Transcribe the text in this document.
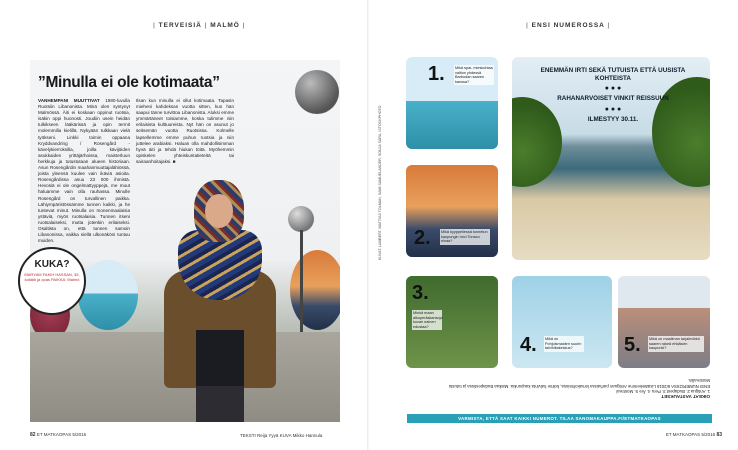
| TERVEISIÄ | MALMÖ |
”Minulla ei ole kotimaata”
VANHEMPANI MUUTTIVAT 1980-luvulla Ruotsiin Libanonista. Minä olen syntynyt Malmössä. Äiti ei koskaan oppinut ruotsia, isäkin oppi huonosti. Joudiin usein heidän tulkikseen lääkärissä ja opin termit molemmilla kielillä. Nykyään tulkkaan vielä työkseni. Linkki toimin oppaana Kryddvandring / Rosengård -kävelykierroksilla, joilla kävijöiden asukkaiden yrittäjärhoissa, maisterluun herkkuja ja tutustutaan alueen historiaan. Asun Rosengårdin maahanmuuttajalähiössä, joista yleensä kuulee vain ikäviä asioita. Rosengårdissa asuu 23 000 ihmistä. Hevosiä ei ole ongelmattyyppejä, me muut haluamme vain olla rauhassa. Minulle Rosengård on turvallinen paikka. Lähiympäristössämme tunnen kaikki, ja he tuntevat minut. Minulla on monenmaalaisia ystäviä, myös ruotsalaisia. Tunnen itseni ruotsalaiseksi, mutta jotenkin erilaiseksi. Osaltista on, että tunnen samoin Libanonissa, vaikka siellä ulkonäköni tuntuu muiden.
Ilsan kun minulla ei ollut kotimaata. Tapasin mieheni kahdeksan vuotta sitten, kun hän saapui tänne turvittoa Libanonista. Aluksi emme ymmärtäneet toisiamme, koska tulimme niin erilaisista kulttuureista. Nyt hän on asunut jo seitsemän vuotta Ruotsissa. Kolmelle lapsellemme emme puhun ruotsia ja niin juttelee arabiaksi. Haluan olla mahdollisimman hyvä äiti ja tehdä hiukan töitä. Myöhemmin opiskelen yhteiskuntatieteitä tai sairaanhoitajaksi. ■
KUKA?
MARYAM FAKIH HASSAN, 35, kotiäiti ja opas PAIKKA: Malmö
82 ET MATKAOPAS 5/2016	TEKSTI Reija Yyyä KUVA Mikko Hannula
| ENSI NUMEROSSA |
1.	Mikä spai- mieskohtaa valtion yhdessä Barbudan saaren kanssa?
2.	Mikä kyyppeliessä tunnetun kaupungin hovi Tonaco elnaa?
3.
Minkä maan alkuperäskansoja kuvan nainen edustaa?
4. Mikä on Pohjoismaiden suurin talvihiitakeskus?	5. Mikä on maailman tarjalevikkö saaren rakeä ehkäisen kaupunki?
ENEMMÄN IRTI SEKÄ TUTUISTA ETTÄ UUSISTA KOHTEISTA
● ● ●
RAHANARVOISET VINKIT REISSUUN
● ● ●
ILMESTYY 30.11.
OIKEAT VASTAUKSET
1. Antigua 2. Budapest 3. Peru 4. Åre 5. Montreal
ENSI NUMEROSSA 6/2016 Lisäätekemme Antiguan parhaissa lomakohteissa, kolme halvinta kaupunkia. Matkaa Budapestissa ja tutustu Montrealiin.
VARMISTA, ETTÄ SAAT KAIKKI NUMEROT. TILAA SANOMAKAUPPA.FI/ETMATKAOPAS
KUVAT: LAMBERT, MATTIAS TOLMAN, SAMI SAMUELANDER, SONJA SÁRA, ISTOCKPHOTO
ET MATKAOPAS 5/2016 83
